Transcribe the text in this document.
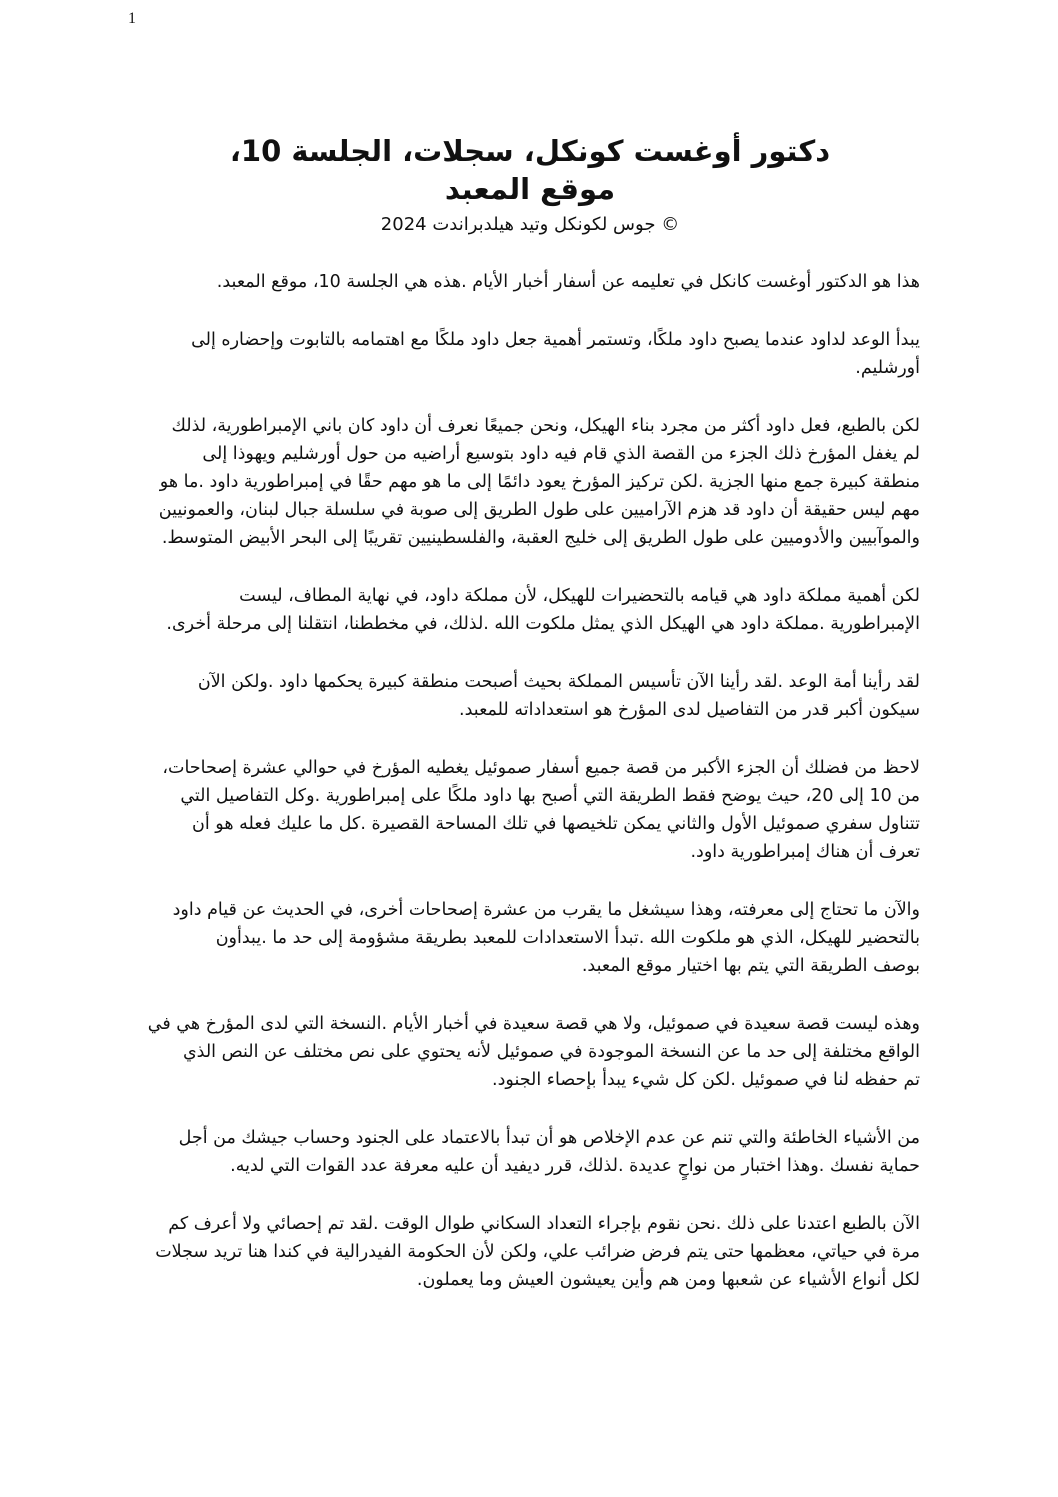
1
،دكتور أوغست كونكل، سجلات، الجلسة 10
موقع المعبد
جوس لكونكل وتيد هيلدبراندت 2024 ©
.هذا هو الدكتور أوغست كانكل في تعليمه عن أسفار أخبار الأيام .هذه هي الجلسة 10، موقع المعبد
يبدأ الوعد لداود عندما يصبح داود ملكًا، وتستمر أهمية جعل داود ملكًا مع اهتمامه بالتابوت وإحضاره إلى
.أورشليم
لكن بالطبع، فعل داود أكثر من مجرد بناء الهيكل، ونحن جميعًا نعرف أن داود كان باني الإمبراطورية، لذلك
لم يغفل المؤرخ ذلك الجزء من القصة الذي قام فيه داود بتوسيع أراضيه من حول أورشليم ويهوذا إلى
منطقة كبيرة جمع منها الجزية .لكن تركيز المؤرخ يعود دائمًا إلى ما هو مهم حقًا في إمبراطورية داود .ما هو
مهم ليس حقيقة أن داود قد هزم الآراميين على طول الطريق إلى صوبة في سلسلة جبال لبنان، والعمونيين
.والموآبيين والأدوميين على طول الطريق إلى خليج العقبة، والفلسطينيين تقريبًا إلى البحر الأبيض المتوسط
لكن أهمية مملكة داود هي قيامه بالتحضيرات للهيكل، لأن مملكة داود، في نهاية المطاف، ليست
.الإمبراطورية .مملكة داود هي الهيكل الذي يمثل ملكوت الله .لذلك، في مخططنا، انتقلنا إلى مرحلة أخرى
لقد رأينا أمة الوعد .لقد رأينا الآن تأسيس المملكة بحيث أصبحت منطقة كبيرة يحكمها داود .ولكن الآن
.سيكون أكبر قدر من التفاصيل لدى المؤرخ هو استعداداته للمعبد
،لاحظ من فضلك أن الجزء الأكبر من قصة جميع أسفار صموئيل يغطيه المؤرخ في حوالي عشرة إصحاحات
من 10 إلى 20، حيث يوضح فقط الطريقة التي أصبح بها داود ملكًا على إمبراطورية .وكل التفاصيل التي
تتناول سفري صموئيل الأول والثاني يمكن تلخيصها في تلك المساحة القصيرة .كل ما عليك فعله هو أن
.تعرف أن هناك إمبراطورية داود
والآن ما تحتاج إلى معرفته، وهذا سيشغل ما يقرب من عشرة إصحاحات أخرى، في الحديث عن قيام داود
بالتحضير للهيكل، الذي هو ملكوت الله .تبدأ الاستعدادات للمعبد بطريقة مشؤومة إلى حد ما .يبدأون
.بوصف الطريقة التي يتم بها اختيار موقع المعبد
وهذه ليست قصة سعيدة في صموئيل، ولا هي قصة سعيدة في أخبار الأيام .النسخة التي لدى المؤرخ هي في
الواقع مختلفة إلى حد ما عن النسخة الموجودة في صموئيل لأنه يحتوي على نص مختلف عن النص الذي
.تم حفظه لنا في صموئيل .لكن كل شيء يبدأ بإحصاء الجنود
من الأشياء الخاطئة والتي تنم عن عدم الإخلاص هو أن تبدأ بالاعتماد على الجنود وحساب جيشك من أجل
.حماية نفسك .وهذا اختبار من نواحٍ عديدة .لذلك، قرر ديفيد أن عليه معرفة عدد القوات التي لديه
الآن بالطبع اعتدنا على ذلك .نحن نقوم بإجراء التعداد السكاني طوال الوقت .لقد تم إحصائي ولا أعرف كم
مرة في حياتي، معظمها حتى يتم فرض ضرائب علي، ولكن لأن الحكومة الفيدرالية في كندا هنا تريد سجلات
.لكل أنواع الأشياء عن شعبها ومن هم وأين يعيشون العيش وما يعملون
